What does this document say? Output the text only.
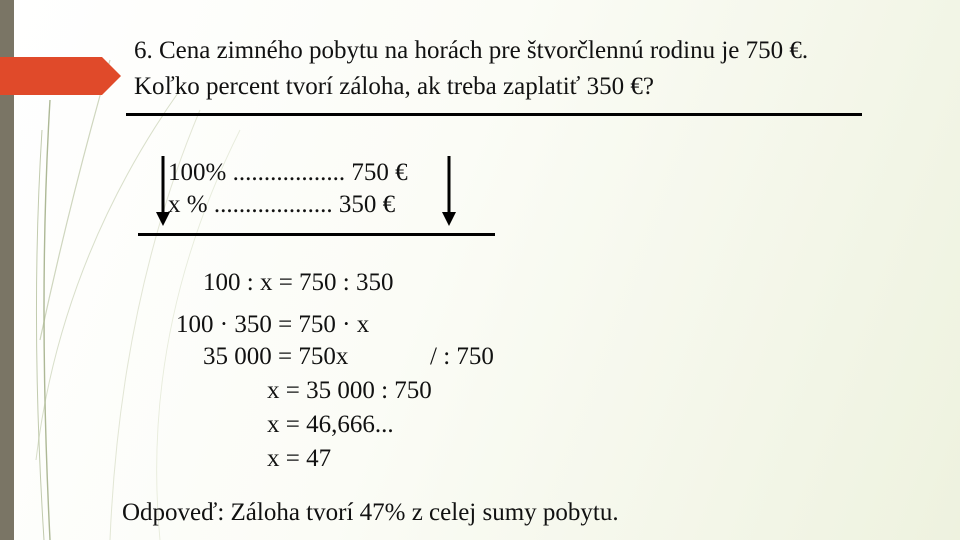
6. Cena zimného pobytu na horách pre štvorčlennú rodinu je 750 €.

Koľko percent tvorí záloha, ak treba zaplatiť 350 €?

100% .................. 750 €

x % ................... 350 €

100 : x = 750 : 350

100 · 350 = 750 · x

35 000 = 750x	/ : 750

x = 35 000 : 750

x = 46,666...

x = 47

Odpoveď: Záloha tvorí 47% z celej sumy pobytu.
